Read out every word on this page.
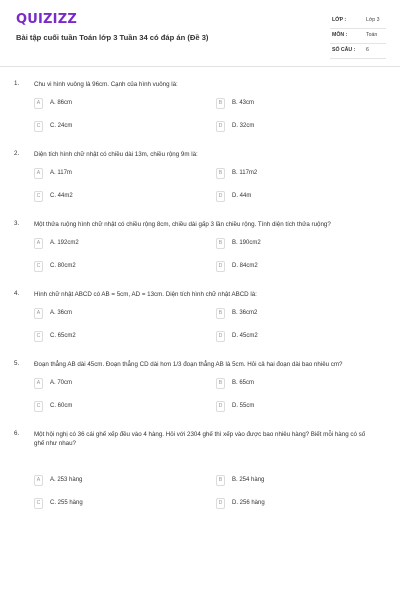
QUIZIZZ
Bài tập cuối tuần Toán lớp 3 Tuần 34 có đáp án (Đề 3)
LỚP :	Lớp 3
MÔN :	Toán
SỐ CÂU : 6
1. Chu vi hình vuông là 96cm. Cạnh của hình vuông là:
A	A. 86cm	B	B. 43cm
C	C. 24cm	D	D. 32cm
2. Diện tích hình chữ nhật có chiều dài 13m, chiều rộng 9m là:
A	A. 117m	B	B. 117m2
C	C. 44m2	D	D. 44m
3. Một thửa ruộng hình chữ nhật có chiều rộng 8cm, chiều dài gấp 3 lần chiều rộng. Tính diện tích thửa ruộng?
A	A. 192cm2	B	B. 190cm2
C	C. 80cm2	D	D. 84cm2
4. Hình chữ nhật ABCD có AB = 5cm, AD = 13cm. Diện tích hình chữ nhật ABCD là:
A	A. 36cm	B	B. 36cm2
C	C. 65cm2	D	D. 45cm2
5. Đoạn thẳng AB dài 45cm. Đoạn thẳng CD dài hơn 1/3 đoạn thẳng AB là 5cm. Hỏi cả hai đoạn dài bao nhiêu cm?
A	A. 70cm	B	B. 65cm
C	C. 60cm	D	D. 55cm
6. Một hội nghị có 36 cái ghế xếp đều vào 4 hàng. Hỏi với 2304 ghế thì xếp vào được bao nhiêu hàng? Biết mỗi hàng có số ghế như nhau?
A	A. 253 hàng	B	B. 254 hàng
C	C. 255 hàng	D	D. 256 hàng
